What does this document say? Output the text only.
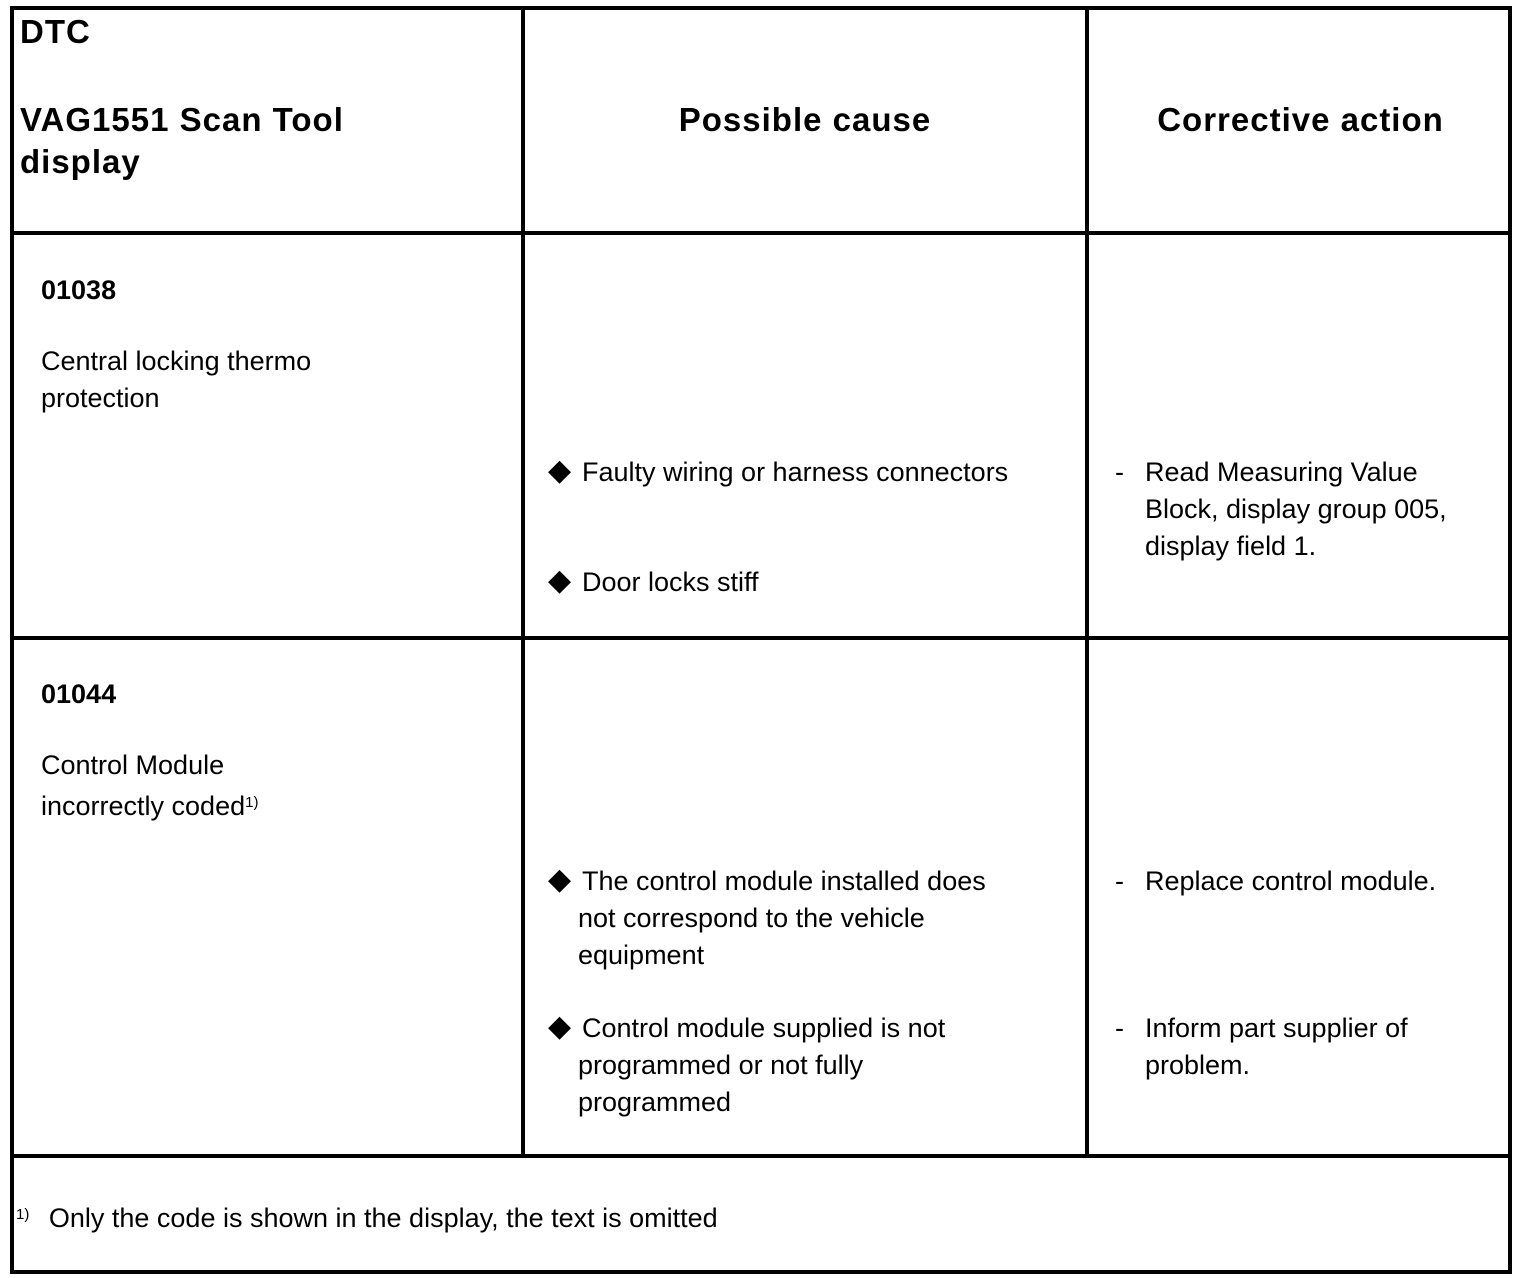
DTC
VAG1551 Scan Tool
display
Possible cause	Corrective action
01038
Central locking thermo
protection
◆ Faulty wiring or harness connectors
◆ Door locks stiff
- Read Measuring Value
Block, display group 005,
display field 1.
01044
Control Module
incorrectly coded$^{1)}$
◆ The control module installed does
not correspond to the vehicle
equipment
◆ Control module supplied is not
programmed or not fully
programmed
- Replace control module.
- Inform part supplier of
problem.
$^{1)}$ Only the code is shown in the display, the text is omitted
